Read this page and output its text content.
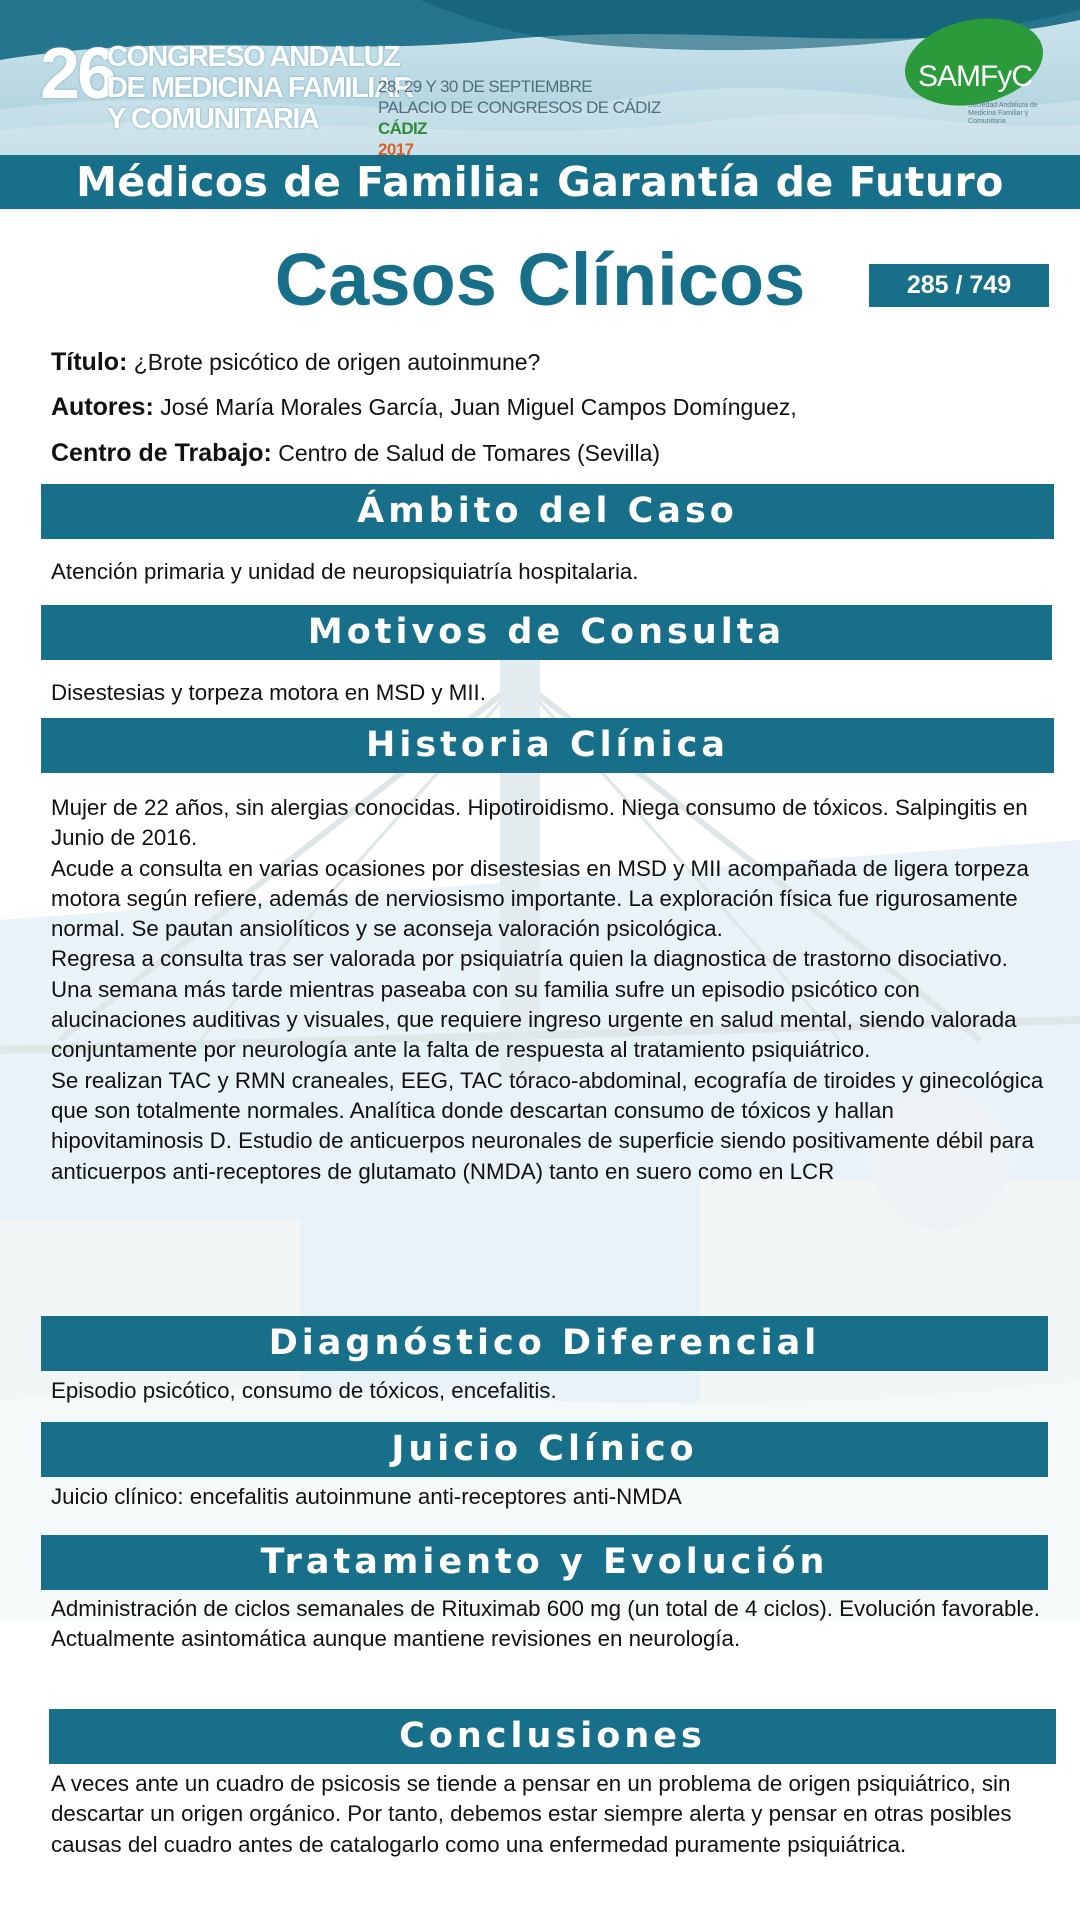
26
CONGRESO ANDALUZ
DE MEDICINA FAMILIAR
Y COMUNITARIA
28, 29 Y 30 DE SEPTIEMBRE
PALACIO DE CONGRESOS DE CÁDIZ
CÁDIZ
2017
SAMFyC
Sociedad Andaluza de Medicina Familiar y Comunitaria
Médicos de Familia: Garantía de Futuro
Casos Clínicos	285 / 749
Título: ¿Brote psicótico de origen autoinmune?
Autores: José María Morales García, Juan Miguel Campos Domínguez,
Centro de Trabajo: Centro de Salud de Tomares (Sevilla)
Ámbito del Caso

Atención primaria y unidad de neuropsiquiatría hospitalaria.

Motivos de Consulta

Disestesias y torpeza motora en MSD y MII.

Historia Clínica

Mujer de 22 años, sin alergias conocidas. Hipotiroidismo. Niega consumo de tóxicos. Salpingitis en Junio de 2016.

Acude a consulta en varias ocasiones por disestesias en MSD y MII acompañada de ligera torpeza motora según refiere, además de nerviosismo importante. La exploración física fue rigurosamente normal. Se pautan ansiolíticos y se aconseja valoración psicológica.

Regresa a consulta tras ser valorada por psiquiatría quien la diagnostica de trastorno disociativo.

Una semana más tarde mientras paseaba con su familia sufre un episodio psicótico con alucinaciones auditivas y visuales, que requiere ingreso urgente en salud mental, siendo valorada conjuntamente por neurología ante la falta de respuesta al tratamiento psiquiátrico.

Se realizan TAC y RMN craneales, EEG, TAC tóraco-abdominal, ecografía de tiroides y ginecológica que son totalmente normales. Analítica donde descartan consumo de tóxicos y hallan hipovitaminosis D. Estudio de anticuerpos neuronales de superficie siendo positivamente débil para anticuerpos anti-receptores de glutamato (NMDA) tanto en suero como en LCR

Diagnóstico Diferencial

Episodio psicótico, consumo de tóxicos, encefalitis.

Juicio Clínico

Juicio clínico: encefalitis autoinmune anti-receptores anti-NMDA

Tratamiento y Evolución

Administración de ciclos semanales de Rituximab 600 mg (un total de 4 ciclos). Evolución favorable. Actualmente asintomática aunque mantiene revisiones en neurología.

Conclusiones

A veces ante un cuadro de psicosis se tiende a pensar en un problema de origen psiquiátrico, sin descartar un origen orgánico. Por tanto, debemos estar siempre alerta y pensar en otras posibles causas del cuadro antes de catalogarlo como una enfermedad puramente psiquiátrica.
